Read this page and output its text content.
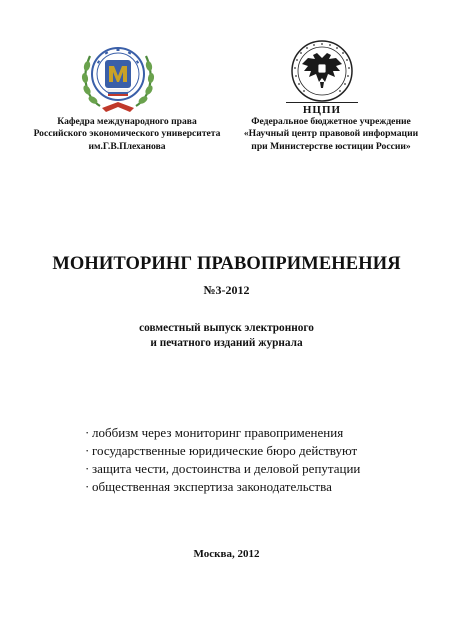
НЦПИ
Кафедра международного права
Российского экономического университета
им.Г.В.Плеханова
Федеральное бюджетное учреждение
«Научный центр правовой информации
при Министерстве юстиции России»
МОНИТОРИНГ ПРАВОПРИМЕНЕНИЯ
№3-2012
совместный выпуск электронного
и печатного изданий журнала
· лоббизм через мониторинг правоприменения
· государственные юридические бюро действуют
· защита чести, достоинства и деловой репутации
· общественная экспертиза законодательства
Москва, 2012
